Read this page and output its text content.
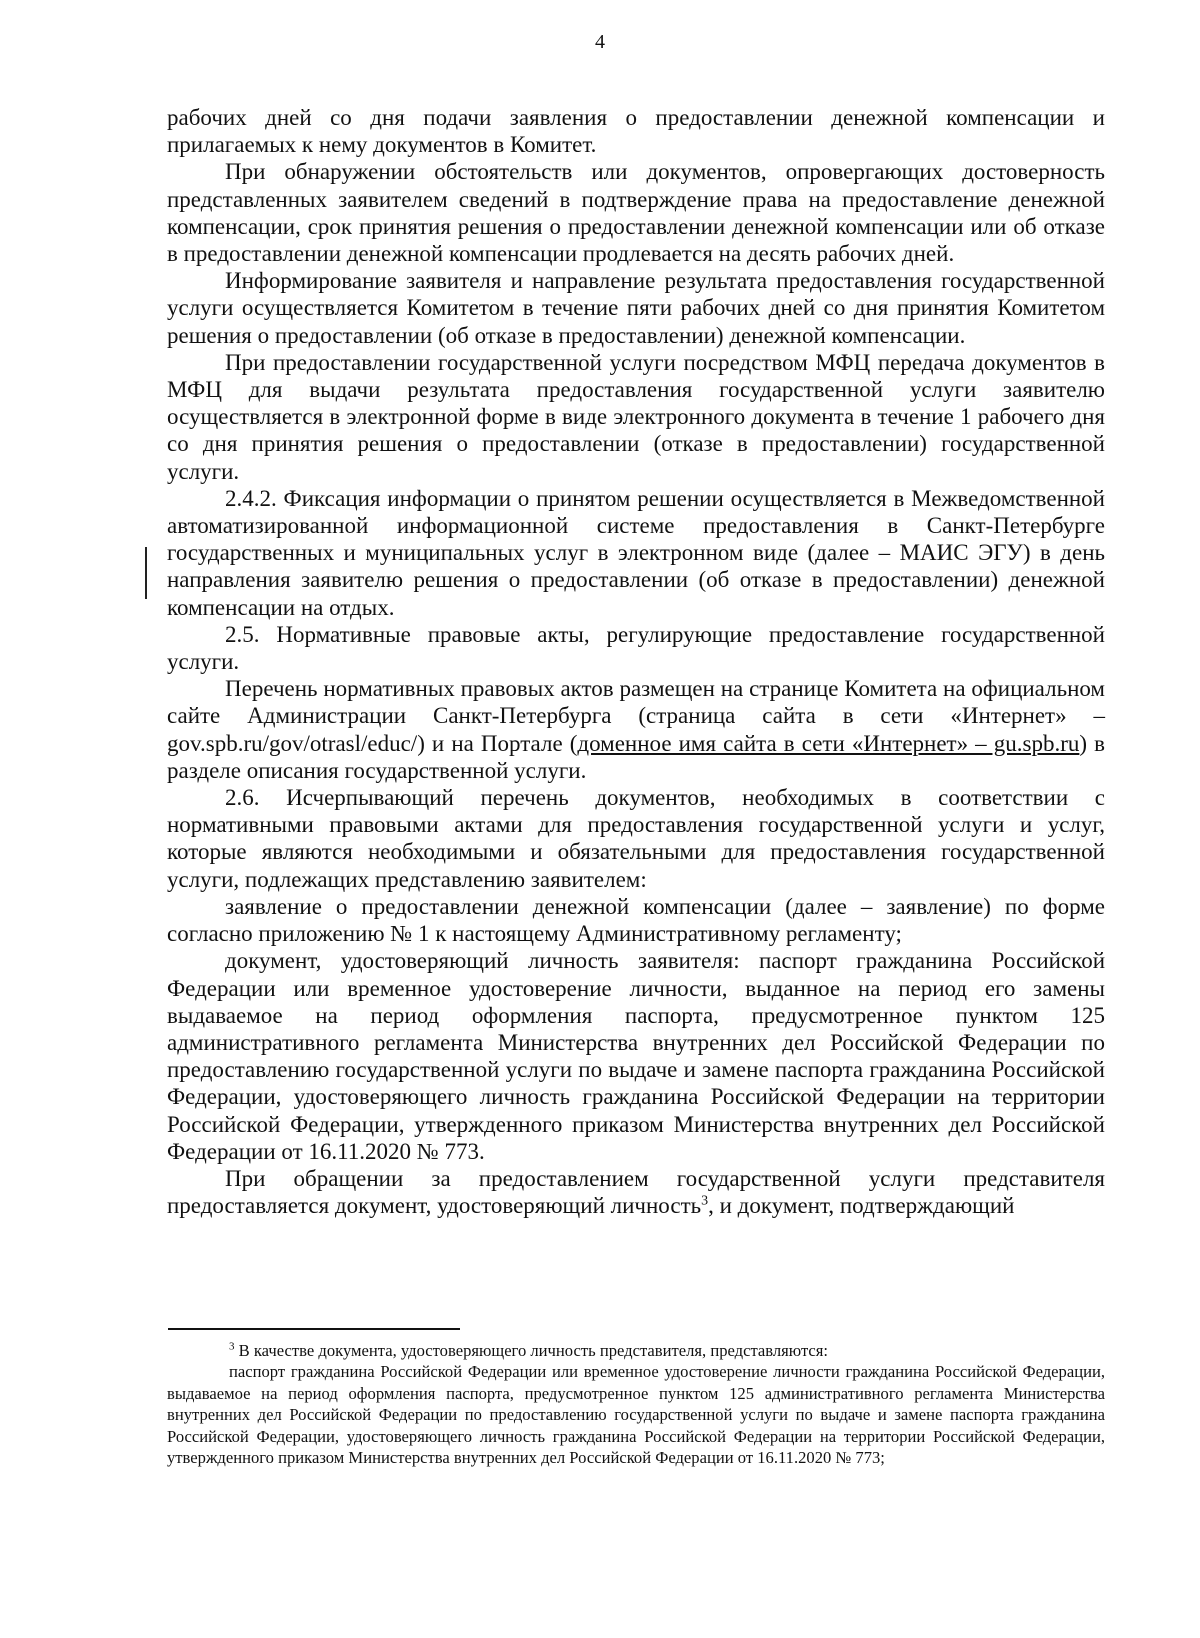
4

рабочих дней со дня подачи заявления о предоставлении денежной компенсации и прилагаемых к нему документов в Комитет.

При обнаружении обстоятельств или документов, опровергающих достоверность представленных заявителем сведений в подтверждение права на предоставление денежной компенсации, срок принятия решения о предоставлении денежной компенсации или об отказе в предоставлении денежной компенсации продлевается на десять рабочих дней.

Информирование заявителя и направление результата предоставления государственной услуги осуществляется Комитетом в течение пяти рабочих дней со дня принятия Комитетом решения о предоставлении (об отказе в предоставлении) денежной компенсации.

При предоставлении государственной услуги посредством МФЦ передача документов в МФЦ для выдачи результата предоставления государственной услуги заявителю осуществляется в электронной форме в виде электронного документа в течение 1 рабочего дня со дня принятия решения о предоставлении (отказе в предоставлении) государственной услуги.

2.4.2. Фиксация информации о принятом решении осуществляется в Межведомственной автоматизированной информационной системе предоставления в Санкт-Петербурге государственных и муниципальных услуг в электронном виде (далее – МАИС ЭГУ) в день направления заявителю решения о предоставлении (об отказе в предоставлении) денежной компенсации на отдых.

2.5. Нормативные правовые акты, регулирующие предоставление государственной услуги.

Перечень нормативных правовых актов размещен на странице Комитета на официальном сайте Администрации Санкт-Петербурга (страница сайта в сети «Интернет» – gov.spb.ru/gov/otrasl/educ/) и на Портале (доменное имя сайта в сети «Интернет» – gu.spb.ru) в разделе описания государственной услуги.

2.6. Исчерпывающий перечень документов, необходимых в соответствии с нормативными правовыми актами для предоставления государственной услуги и услуг, которые являются необходимыми и обязательными для предоставления государственной услуги, подлежащих представлению заявителем:

заявление о предоставлении денежной компенсации (далее – заявление) по форме согласно приложению № 1 к настоящему Административному регламенту;

документ, удостоверяющий личность заявителя: паспорт гражданина Российской Федерации или временное удостоверение личности, выданное на период его замены выдаваемое на период оформления паспорта, предусмотренное пунктом 125 административного регламента Министерства внутренних дел Российской Федерации по предоставлению государственной услуги по выдаче и замене паспорта гражданина Российской Федерации, удостоверяющего личность гражданина Российской Федерации на территории Российской Федерации, утвержденного приказом Министерства внутренних дел Российской Федерации от 16.11.2020 № 773.

При обращении за предоставлением государственной услуги представителя предоставляется документ, удостоверяющий личность$^3$, и документ, подтверждающий

$^3$ В качестве документа, удостоверяющего личность представителя, представляются:

паспорт гражданина Российской Федерации или временное удостоверение личности гражданина Российской Федерации, выдаваемое на период оформления паспорта, предусмотренное пунктом 125 административного регламента Министерства внутренних дел Российской Федерации по предоставлению государственной услуги по выдаче и замене паспорта гражданина Российской Федерации, удостоверяющего личность гражданина Российской Федерации на территории Российской Федерации, утвержденного приказом Министерства внутренних дел Российской Федерации от 16.11.2020 № 773;
